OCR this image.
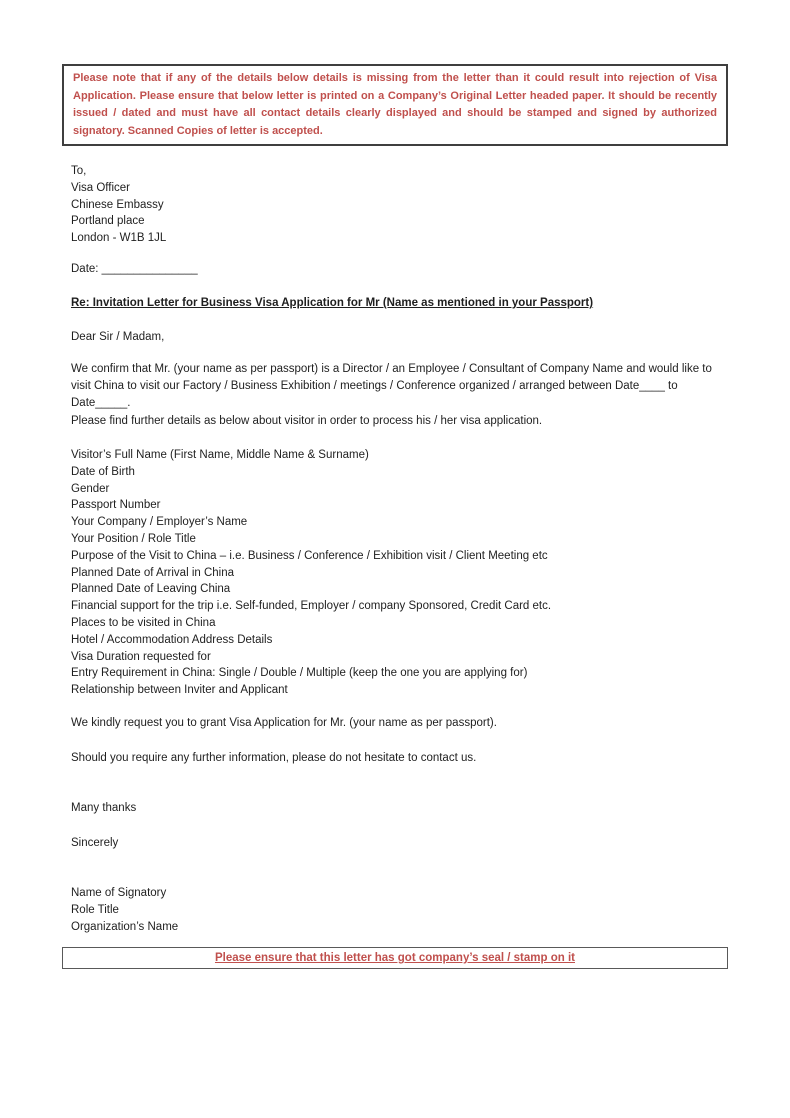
Please note that if any of the details below details is missing from the letter than it could result into rejection of Visa Application. Please ensure that below letter is printed on a Company’s Original Letter headed paper. It should be recently issued / dated and must have all contact details clearly displayed and should be stamped and signed by authorized signatory. Scanned Copies of letter is accepted.

To,
Visa Officer
Chinese Embassy
Portland place
London - W1B 1JL
Date: _______________
Re: Invitation Letter for Business Visa Application for Mr (Name as mentioned in your Passport)
Dear Sir / Madam,

We confirm that Mr. (your name as per passport) is a Director / an Employee / Consultant of Company Name and would like to visit China to visit our Factory / Business Exhibition / meetings / Conference organized / arranged between Date____ to Date_____.

Please find further details as below about visitor in order to process his / her visa application.

Visitor’s Full Name (First Name, Middle Name & Surname)
Date of Birth
Gender
Passport Number
Your Company / Employer’s Name
Your Position / Role Title
Purpose of the Visit to China – i.e. Business / Conference / Exhibition visit / Client Meeting etc
Planned Date of Arrival in China
Planned Date of Leaving China
Financial support for the trip i.e. Self-funded, Employer / company Sponsored, Credit Card etc.
Places to be visited in China
Hotel / Accommodation Address Details
Visa Duration requested for
Entry Requirement in China: Single / Double / Multiple (keep the one you are applying for)
Relationship between Inviter and Applicant

We kindly request you to grant Visa Application for Mr. (your name as per passport).

Should you require any further information, please do not hesitate to contact us.

Many thanks
Sincerely
Name of Signatory
Role Title
Organization’s Name

Please ensure that this letter has got company’s seal / stamp on it
